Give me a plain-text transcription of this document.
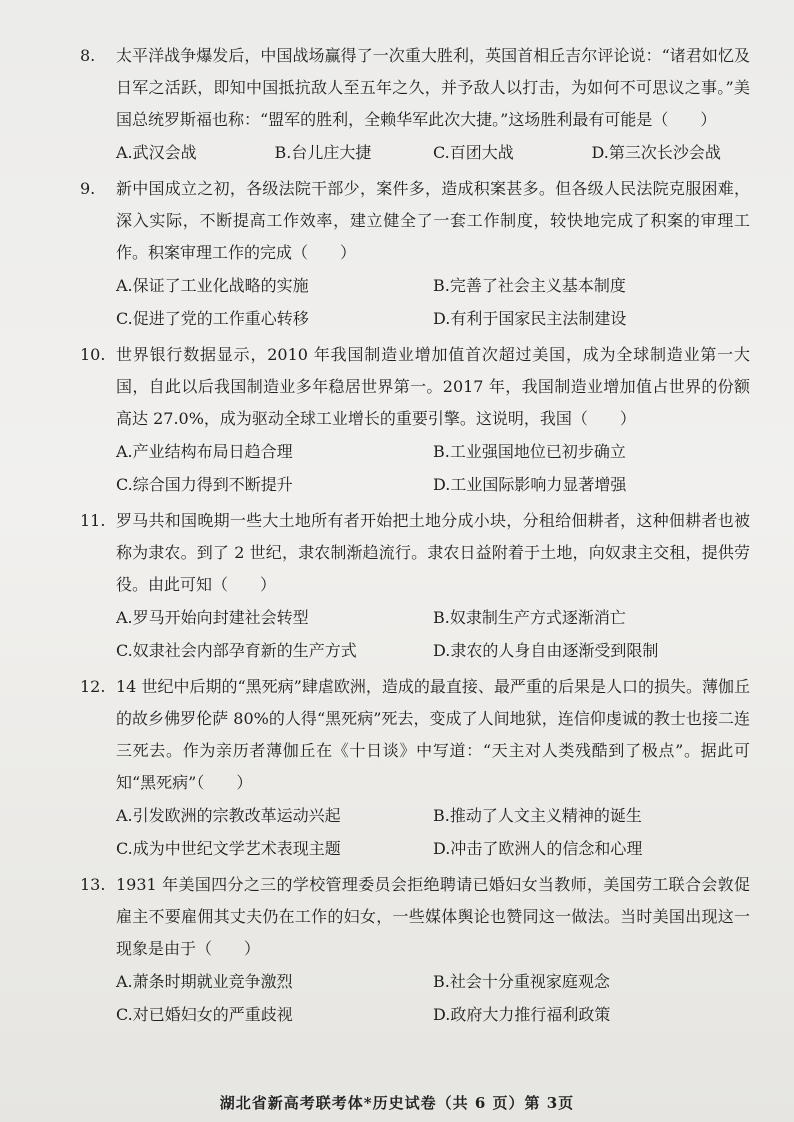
8.	太平洋战争爆发后，中国战场赢得了一次重大胜利，英国首相丘吉尔评论说：“诸君如忆及日军之活跃，即知中国抵抗敌人至五年之久，并予敌人以打击，为如何不可思议之事。”美国总统罗斯福也称：“盟军的胜利，全赖华军此次大捷。”这场胜利最有可能是（　　）
A.武汉会战	B.台儿庄大捷	C.百团大战	D.第三次长沙会战
9.	新中国成立之初，各级法院干部少，案件多，造成积案甚多。但各级人民法院克服困难，深入实际，不断提高工作效率，建立健全了一套工作制度，较快地完成了积案的审理工作。积案审理工作的完成（　　）
A.保证了工业化战略的实施	B.完善了社会主义基本制度
C.促进了党的工作重心转移	D.有利于国家民主法制建设
10. 世界银行数据显示，2010 年我国制造业增加值首次超过美国，成为全球制造业第一大国，自此以后我国制造业多年稳居世界第一。2017 年，我国制造业增加值占世界的份额高达 27.0%，成为驱动全球工业增长的重要引擎。这说明，我国（　　）
A.产业结构布局日趋合理	B.工业强国地位已初步确立
C.综合国力得到不断提升	D.工业国际影响力显著增强
11. 罗马共和国晚期一些大土地所有者开始把土地分成小块，分租给佃耕者，这种佃耕者也被称为隶农。到了 2 世纪，隶农制渐趋流行。隶农日益附着于土地，向奴隶主交租，提供劳役。由此可知（　　）
A.罗马开始向封建社会转型	B.奴隶制生产方式逐渐消亡
C.奴隶社会内部孕育新的生产方式	D.隶农的人身自由逐渐受到限制
12. 14 世纪中后期的“黑死病”肆虐欧洲，造成的最直接、最严重的后果是人口的损失。薄伽丘的故乡佛罗伦萨 80%的人得“黑死病”死去，变成了人间地狱，连信仰虔诚的教士也接二连三死去。作为亲历者薄伽丘在《十日谈》中写道：“天主对人类残酷到了极点”。据此可知“黑死病”（　　）
A.引发欧洲的宗教改革运动兴起	B.推动了人文主义精神的诞生
C.成为中世纪文学艺术表现主题	D.冲击了欧洲人的信念和心理
13. 1931 年美国四分之三的学校管理委员会拒绝聘请已婚妇女当教师，美国劳工联合会敦促雇主不要雇佣其丈夫仍在工作的妇女，一些媒体舆论也赞同这一做法。当时美国出现这一现象是由于（　　）
A.萧条时期就业竞争激烈	B.社会十分重视家庭观念
C.对已婚妇女的严重歧视	D.政府大力推行福利政策
湖北省新高考联考体*历史试卷（共 6 页）第 3页
